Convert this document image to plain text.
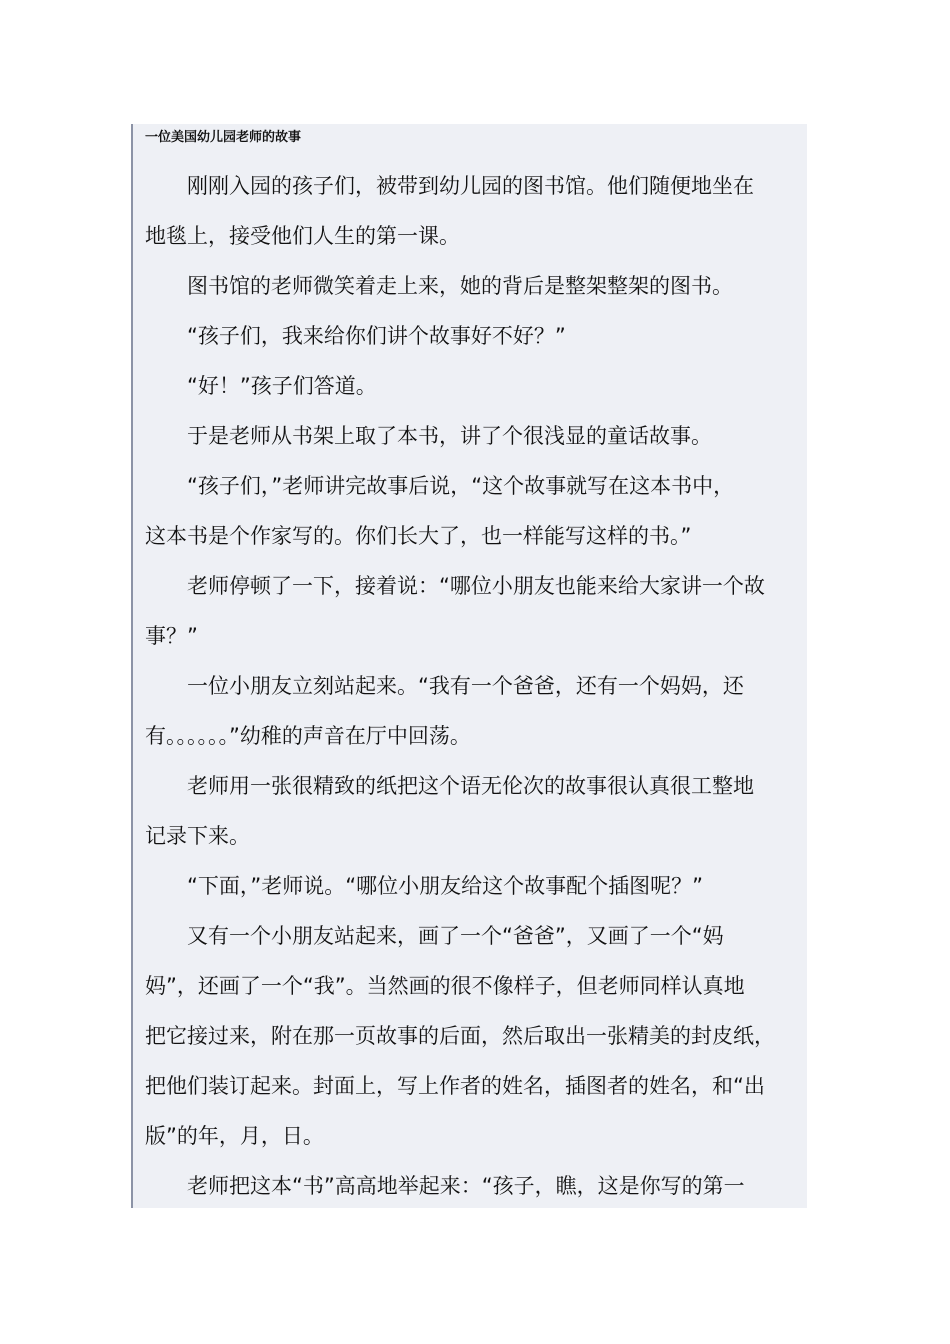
一位美国幼儿园老师的故事
　　刚刚入园的孩子们，被带到幼儿园的图书馆。他们随便地坐在
地毯上，接受他们人生的第一课。
　　图书馆的老师微笑着走上来，她的背后是整架整架的图书。
　　“孩子们，我来给你们讲个故事好不好？”
　　“好！”孩子们答道。
　　于是老师从书架上取了本书，讲了个很浅显的童话故事。
　　“孩子们，”老师讲完故事后说，“这个故事就写在这本书中，
这本书是个作家写的。你们长大了，也一样能写这样的书。”
　　老师停顿了一下，接着说：“哪位小朋友也能来给大家讲一个故
事？”
　　一位小朋友立刻站起来。“我有一个爸爸，还有一个妈妈，还
有。。。。。。”幼稚的声音在厅中回荡。
　　老师用一张很精致的纸把这个语无伦次的故事很认真很工整地
记录下来。
　　“下面，”老师说。“哪位小朋友给这个故事配个插图呢？”
　　又有一个小朋友站起来，画了一个“爸爸”，又画了一个“妈
妈”，还画了一个“我”。当然画的很不像样子，但老师同样认真地
把它接过来，附在那一页故事的后面，然后取出一张精美的封皮纸，
把他们装订起来。封面上，写上作者的姓名，插图者的姓名，和“出
版”的年，月，日。
　　老师把这本“书”高高地举起来：“孩子，瞧，这是你写的第一
